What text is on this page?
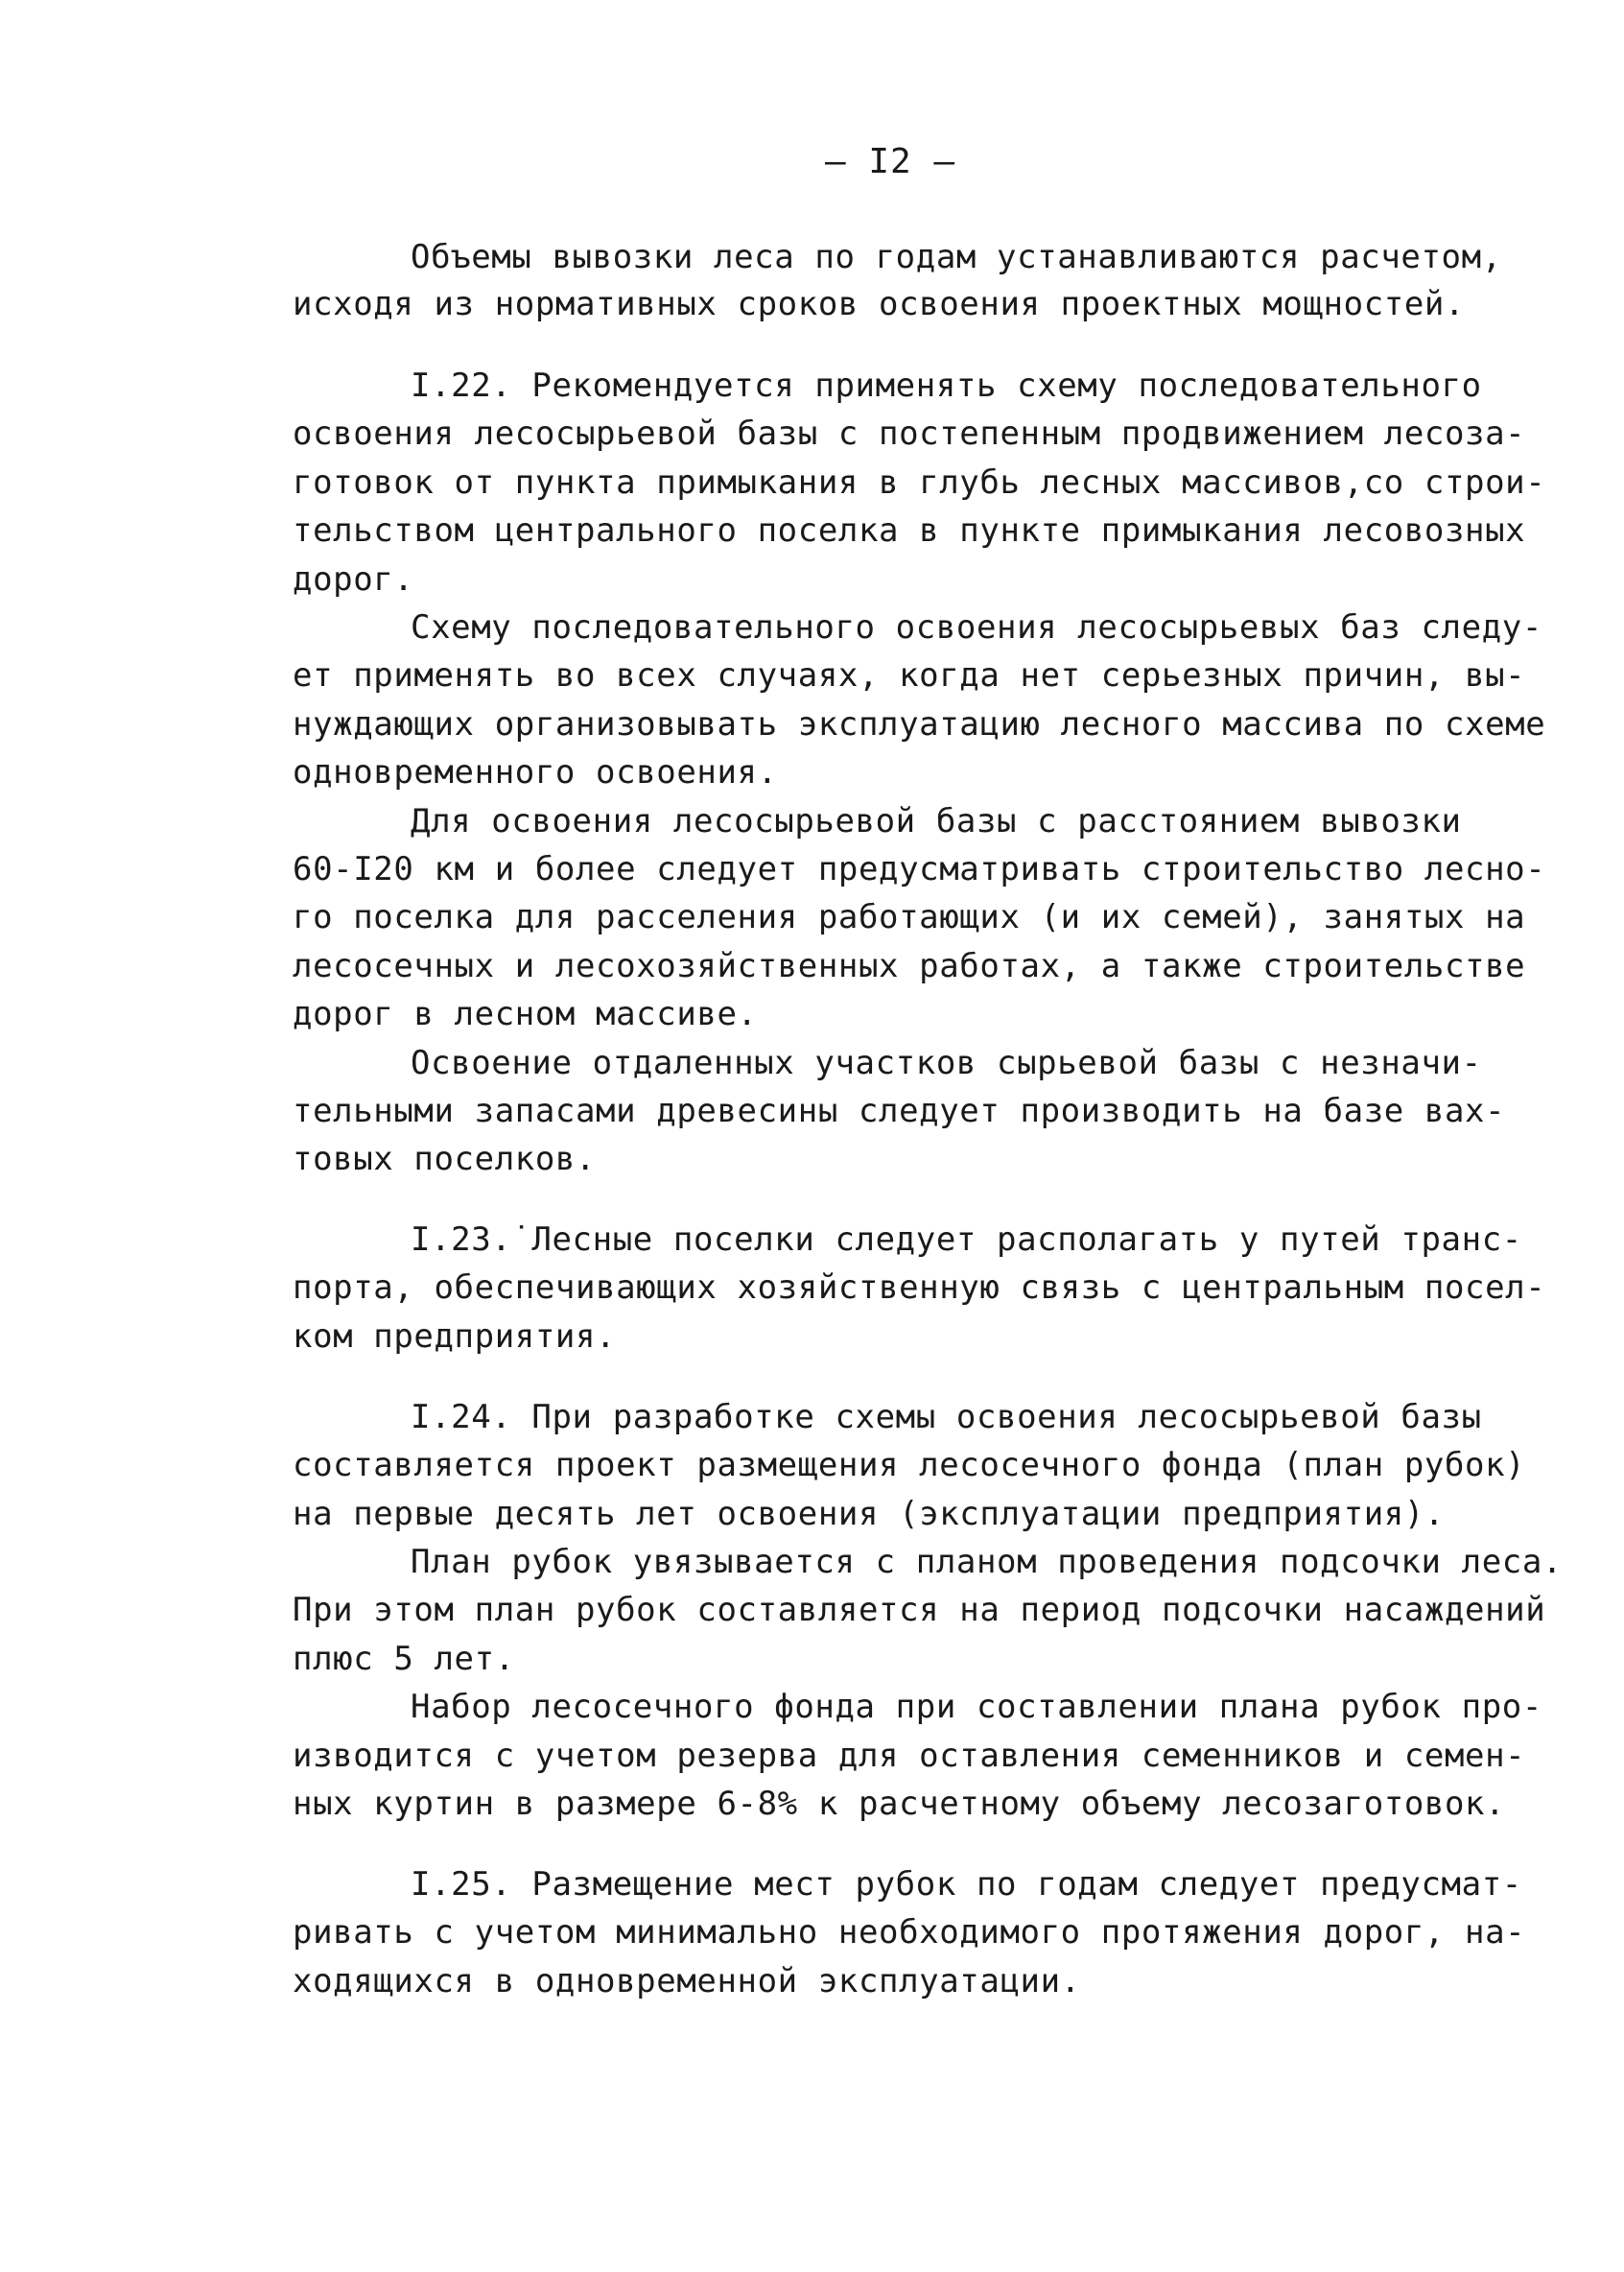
— I2 —
Объемы вывозки леса по годам устанавливаются расчетом,
исходя из нормативных сроков освоения проектных мощностей.
I.22. Рекомендуется применять схему последовательного
освоения лесосырьевой базы с постепенным продвижением лесоза-
готовок от пункта примыкания в глубь лесных массивов,со строи-
тельством центрального поселка в пункте примыкания лесовозных
дорог.
Схему последовательного освоения лесосырьевых баз следу-
ет применять во всех случаях, когда нет серьезных причин, вы-
нуждающих организовывать эксплуатацию лесного массива по схеме
одновременного освоения.
Для освоения лесосырьевой базы с расстоянием вывозки
60-I20 км и более следует предусматривать строительство лесно-
го поселка для расселения работающих (и их семей), занятых на
лесосечных и лесохозяйственных работах, а также строительстве
дорог в лесном массиве.
Освоение отдаленных участков сырьевой базы с незначи-
тельными запасами древесины следует производить на базе вах-
товых поселков.
I.23.˙Лесные поселки следует располагать у путей транс-
порта, обеспечивающих хозяйственную связь с центральным посел-
ком предприятия.
I.24. При разработке схемы освоения лесосырьевой базы
составляется проект размещения лесосечного фонда (план рубок)
на первые десять лет освоения (эксплуатации предприятия).
План рубок увязывается с планом проведения подсочки леса.
При этом план рубок составляется на период подсочки насаждений
плюс 5 лет.
Набор лесосечного фонда при составлении плана рубок про-
изводится с учетом резерва для оставления семенников и семен-
ных куртин в размере 6-8% к расчетному объему лесозаготовок.
I.25. Размещение мест рубок по годам следует предусмат-
ривать с учетом минимально необходимого протяжения дорог, на-
ходящихся в одновременной эксплуатации.
